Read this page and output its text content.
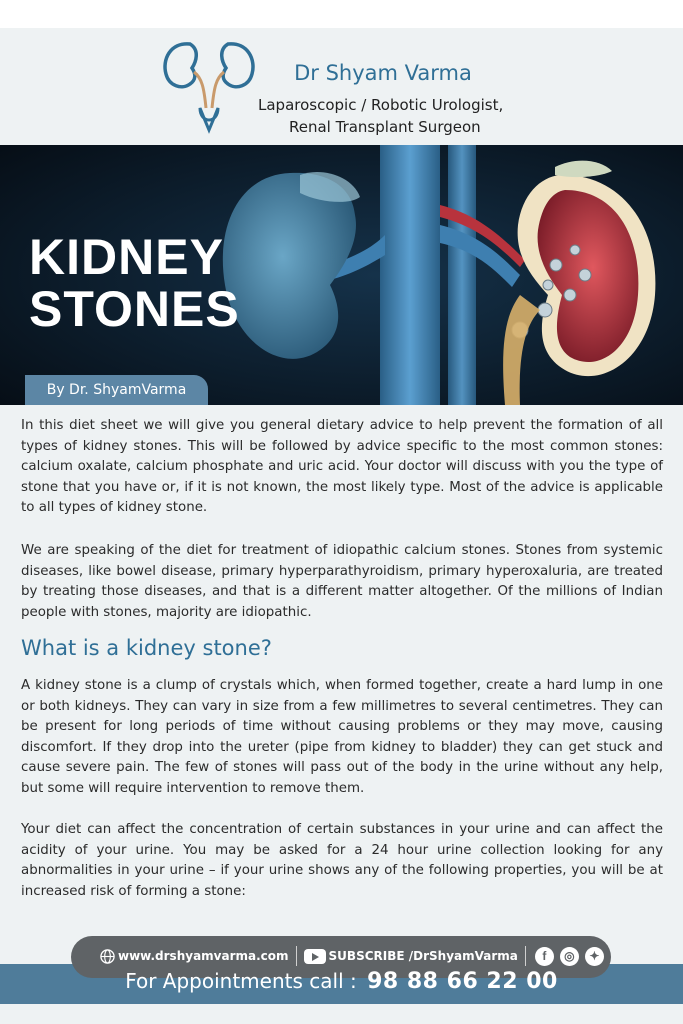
Dr Shyam Varma
Laparoscopic / Robotic Urologist,
Renal Transplant Surgeon
KIDNEY
STONES
By Dr. ShyamVarma

In this diet sheet we will give you general dietary advice to help prevent the formation of all types of kidney stones. This will be followed by advice specific to the most common stones: calcium oxalate, calcium phosphate and uric acid. Your doctor will discuss with you the type of stone that you have or, if it is not known, the most likely type. Most of the advice is applicable to all types of kidney stone.

We are speaking of the diet for treatment of idiopathic calcium stones. Stones from systemic diseases, like bowel disease, primary hyperparathyroidism, primary hyperoxaluria, are treated by treating those diseases, and that is a different matter altogether. Of the millions of Indian people with stones, majority are idiopathic.

What is a kidney stone?

A kidney stone is a clump of crystals which, when formed together, create a hard lump in one or both kidneys. They can vary in size from a few millimetres to several centimetres. They can be present for long periods of time without causing problems or they may move, causing discomfort. If they drop into the ureter (pipe from kidney to bladder) they can get stuck and cause severe pain. The few of stones will pass out of the body in the urine without any help, but some will require intervention to remove them.

Your diet can affect the concentration of certain substances in your urine and can affect the acidity of your urine. You may be asked for a 24 hour urine collection looking for any abnormalities in your urine – if your urine shows any of the following properties, you will be at increased risk of forming a stone:

www.drshyamvarma.com	SUBSCRIBE /DrShyamVarma	f	◎	✦
For Appointments call : 98 88 66 22 00
